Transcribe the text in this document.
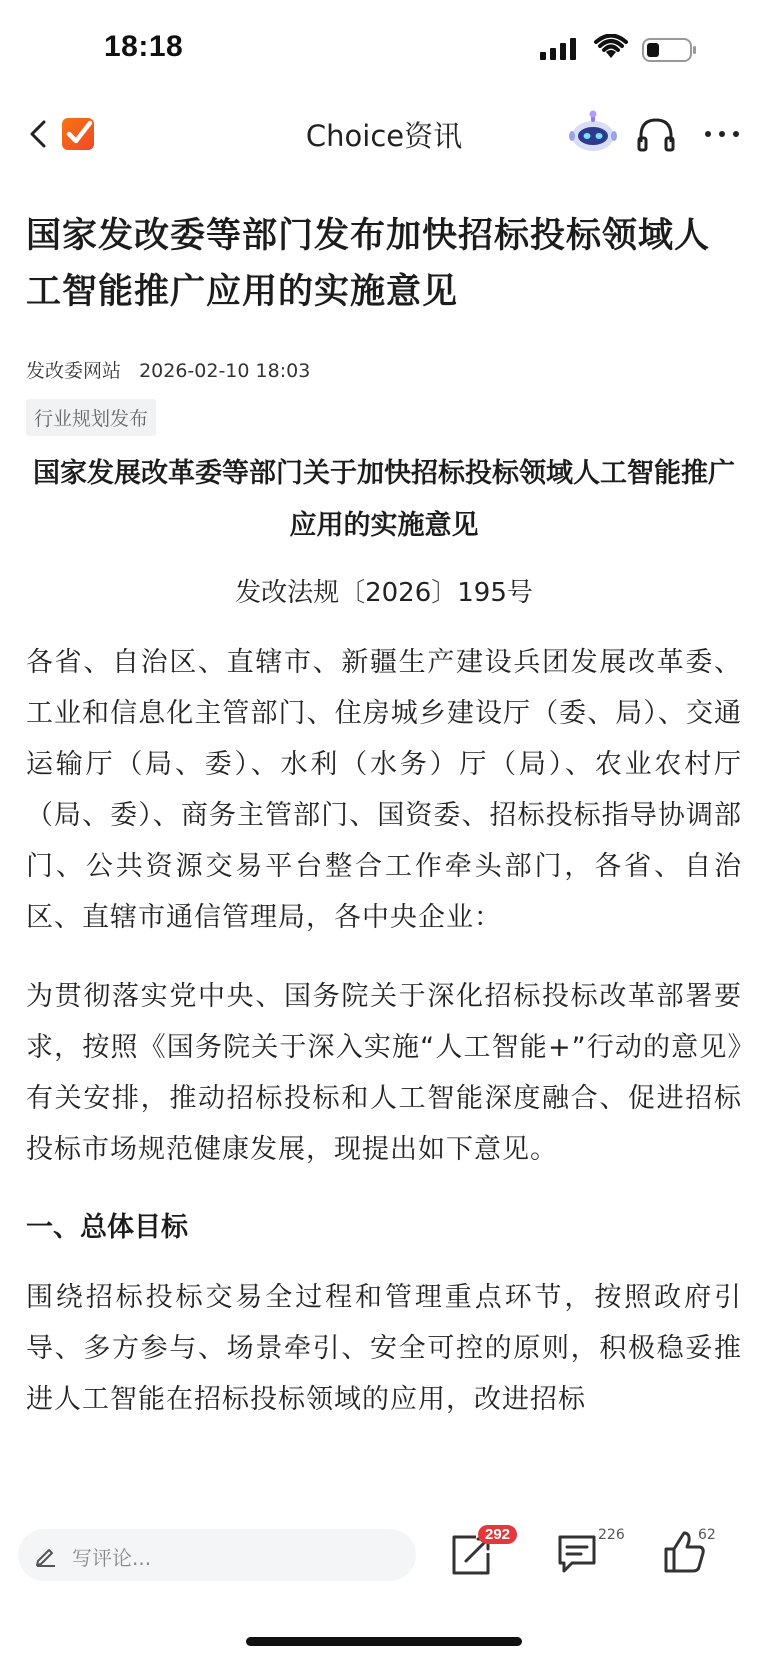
18:18
Choice资讯
国家发改委等部门发布加快招标投标领域人工智能推广应用的实施意见
发改委网站 2026-02-10 18:03
行业规划发布
国家发展改革委等部门关于加快招标投标领域人工智能推广应用的实施意见
发改法规〔2026〕195号
各省、自治区、直辖市、新疆生产建设兵团发展改革委、工业和信息化主管部门、住房城乡建设厅（委、局）、交通运输厅（局、委）、水利（水务）厅（局）、农业农村厅（局、委）、商务主管部门、国资委、招标投标指导协调部门、公共资源交易平台整合工作牵头部门，各省、自治区、直辖市通信管理局，各中央企业：
为贯彻落实党中央、国务院关于深化招标投标改革部署要求，按照《国务院关于深入实施“人工智能+”行动的意见》有关安排，推动招标投标和人工智能深度融合、促进招标投标市场规范健康发展，现提出如下意见。
一、总体目标
围绕招标投标交易全过程和管理重点环节，按照政府引导、多方参与、场景牵引、安全可控的原则，积极稳妥推进人工智能在招标投标领域的应用，改进招标
写评论...
292	226	62
